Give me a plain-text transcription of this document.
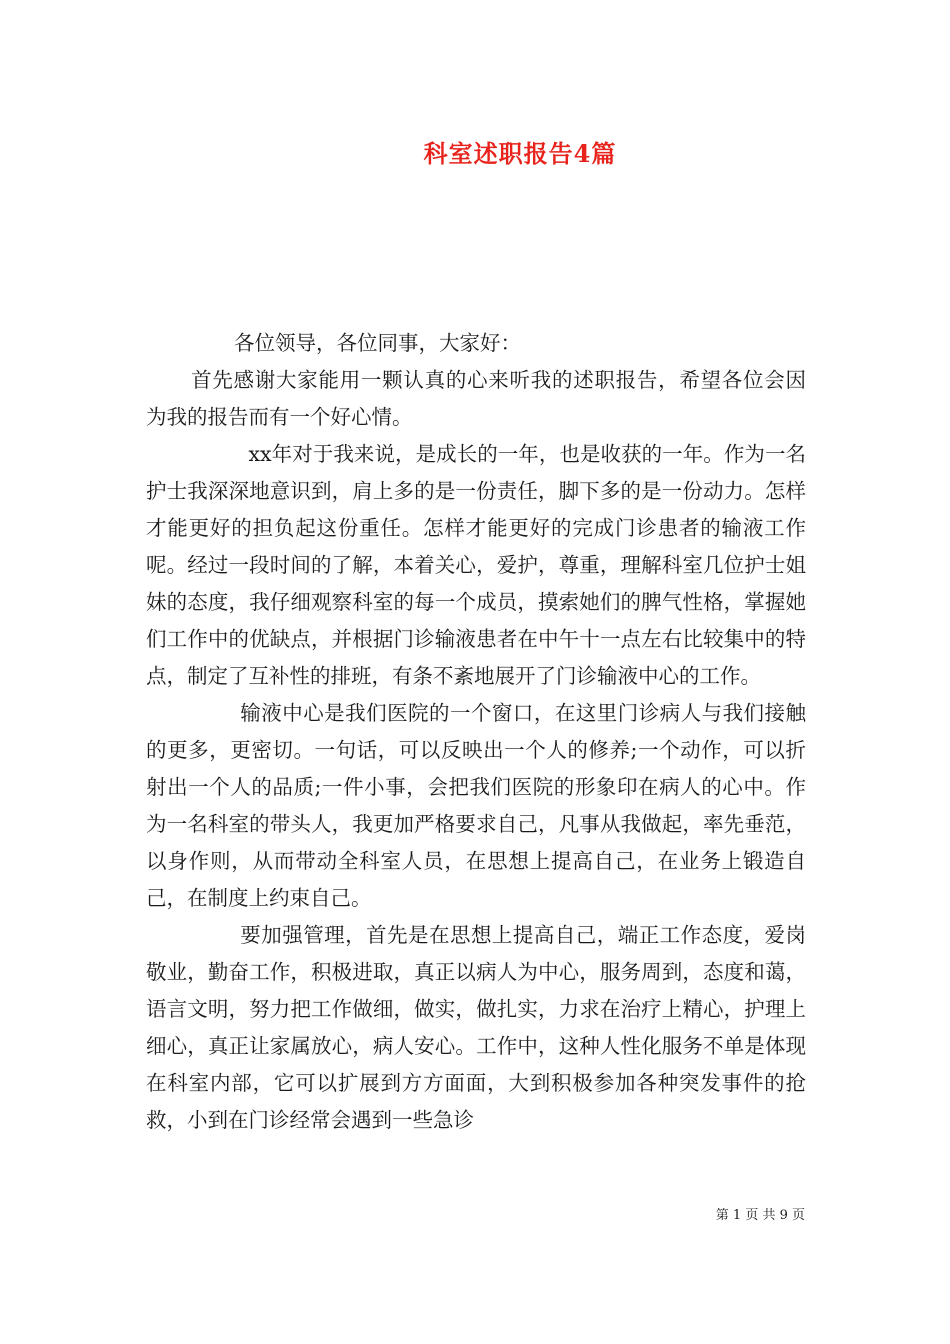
科室述职报告4篇

各位领导，各位同事，大家好：

首先感谢大家能用一颗认真的心来听我的述职报告，希望各位会因为我的报告而有一个好心情。

xx年对于我来说，是成长的一年，也是收获的一年。作为一名护士我深深地意识到，肩上多的是一份责任，脚下多的是一份动力。怎样才能更好的担负起这份重任。怎样才能更好的完成门诊患者的输液工作呢。经过一段时间的了解，本着关心，爱护，尊重，理解科室几位护士姐妹的态度，我仔细观察科室的每一个成员，摸索她们的脾气性格，掌握她们工作中的优缺点，并根据门诊输液患者在中午十一点左右比较集中的特点，制定了互补性的排班，有条不紊地展开了门诊输液中心的工作。

输液中心是我们医院的一个窗口，在这里门诊病人与我们接触的更多，更密切。一句话，可以反映出一个人的修养;一个动作，可以折射出一个人的品质;一件小事，会把我们医院的形象印在病人的心中。作为一名科室的带头人，我更加严格要求自己，凡事从我做起，率先垂范，以身作则，从而带动全科室人员，在思想上提高自己，在业务上锻造自己，在制度上约束自己。

要加强管理，首先是在思想上提高自己，端正工作态度，爱岗敬业，勤奋工作，积极进取，真正以病人为中心，服务周到，态度和蔼，语言文明，努力把工作做细，做实，做扎实，力求在治疗上精心，护理上细心，真正让家属放心，病人安心。工作中，这种人性化服务不单是体现在科室内部，它可以扩展到方方面面，大到积极参加各种突发事件的抢救，小到在门诊经常会遇到一些急诊

第 1 页 共 9 页
